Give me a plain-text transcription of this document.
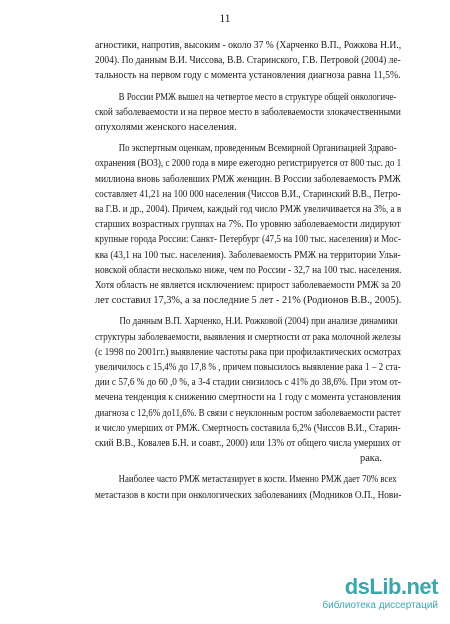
11

агностики, напротив, высоким - около 37 % (Харченко В.П., Рожкова Н.И.,
2004). По данным В.И. Чиссова, В.В. Старинского, Г.В. Петровой (2004) ле-
тальность на первом году с момента установления диагноза равна 11,5%.

В России РМЖ вышел на четвертое место в структуре общей онкологиче-
ской заболеваемости и на первое место в заболеваемости злокачественными
опухолями женского населения.

По экспертным оценкам, проведенным Всемирной Организацией Здраво-
охранения (ВОЗ), с 2000 года в мире ежегодно регистрируется от 800 тыс. до 1
миллиона вновь заболевших РМЖ женщин. В России заболеваемость РМЖ
составляет 41,21 на 100 000 населения (Чиссов В.И., Старинский В.В., Петро-
ва Г.В. и др., 2004). Причем, каждый год число РМЖ увеличивается на 3%, а в
старших возрастных группах на 7%. По уровню заболеваемости лидируют
крупные города России: Санкт- Петербург (47,5 на 100 тыс. населения) и Мос-
ква (43,1 на 100 тыс. населения). Заболеваемость РМЖ на территории Улья-
новской области несколько ниже, чем по России - 32,7 на 100 тыс. населения.
Хотя область не является исключением: прирост заболеваемости РМЖ за 20
лет составил 17,3%, а за последние 5 лет - 21% (Родионов В.В., 2005).

По данным В.П. Харченко, Н.И. Рожковой (2004) при анализе динамики
структуры заболеваемости, выявления и смертности от рака молочной железы
(с 1998 по 2001гг.) выявление частоты рака при профилактических осмотрах
увеличилось с 15,4% до 17,8 % , причем повысилось выявление рака 1 – 2 ста-
дии с 57,6 % до 60 ,0 %, а 3-4 стадии снизилось с 41% до 38,6%. При этом от-
мечена тенденция к снижению смертности на 1 году с момента установления
диагноза с 12,6% до11,6%. В связи с неуклонным ростом заболеваемости растет
и число умерших от РМЖ. Смертность составила 6,2% (Чиссов В.И., Старин-
ский В.В., Ковалев Б.Н. и соавт., 2000) или 13% от общего числа умерших от
рака.

Наиболее часто РМЖ метастазирует в кости. Именно РМЖ дает 70% всех
метастазов в кости при онкологических заболеваниях (Модников О.П., Нови-

dsLib.net
библиотека диссертаций
